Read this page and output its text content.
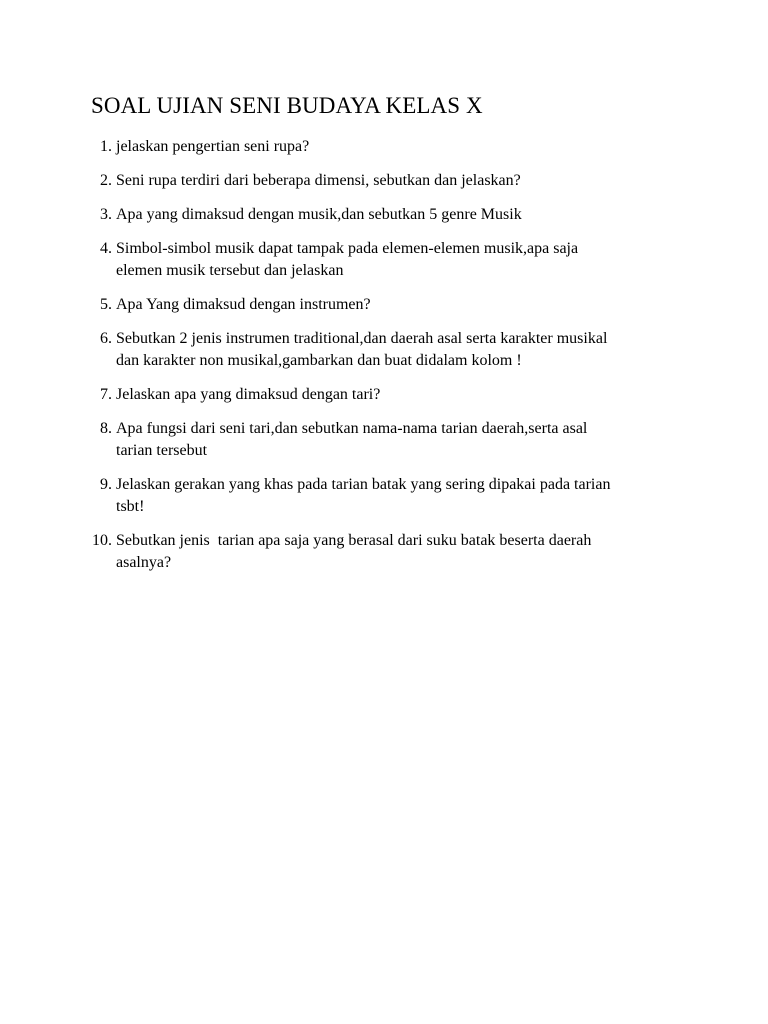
SOAL UJIAN SENI BUDAYA KELAS X
1. jelaskan pengertian seni rupa?
2. Seni rupa terdiri dari beberapa dimensi, sebutkan dan jelaskan?
3. Apa yang dimaksud dengan musik,dan sebutkan 5 genre Musik
4. Simbol-simbol musik dapat tampak pada elemen-elemen musik,apa saja
elemen musik tersebut dan jelaskan
5. Apa Yang dimaksud dengan instrumen?
6. Sebutkan 2 jenis instrumen traditional,dan daerah asal serta karakter musikal
dan karakter non musikal,gambarkan dan buat didalam kolom !
7. Jelaskan apa yang dimaksud dengan tari?
8. Apa fungsi dari seni tari,dan sebutkan nama-nama tarian daerah,serta asal
tarian tersebut
9. Jelaskan gerakan yang khas pada tarian batak yang sering dipakai pada tarian
tsbt!
10. Sebutkan jenis  tarian apa saja yang berasal dari suku batak beserta daerah
asalnya?
